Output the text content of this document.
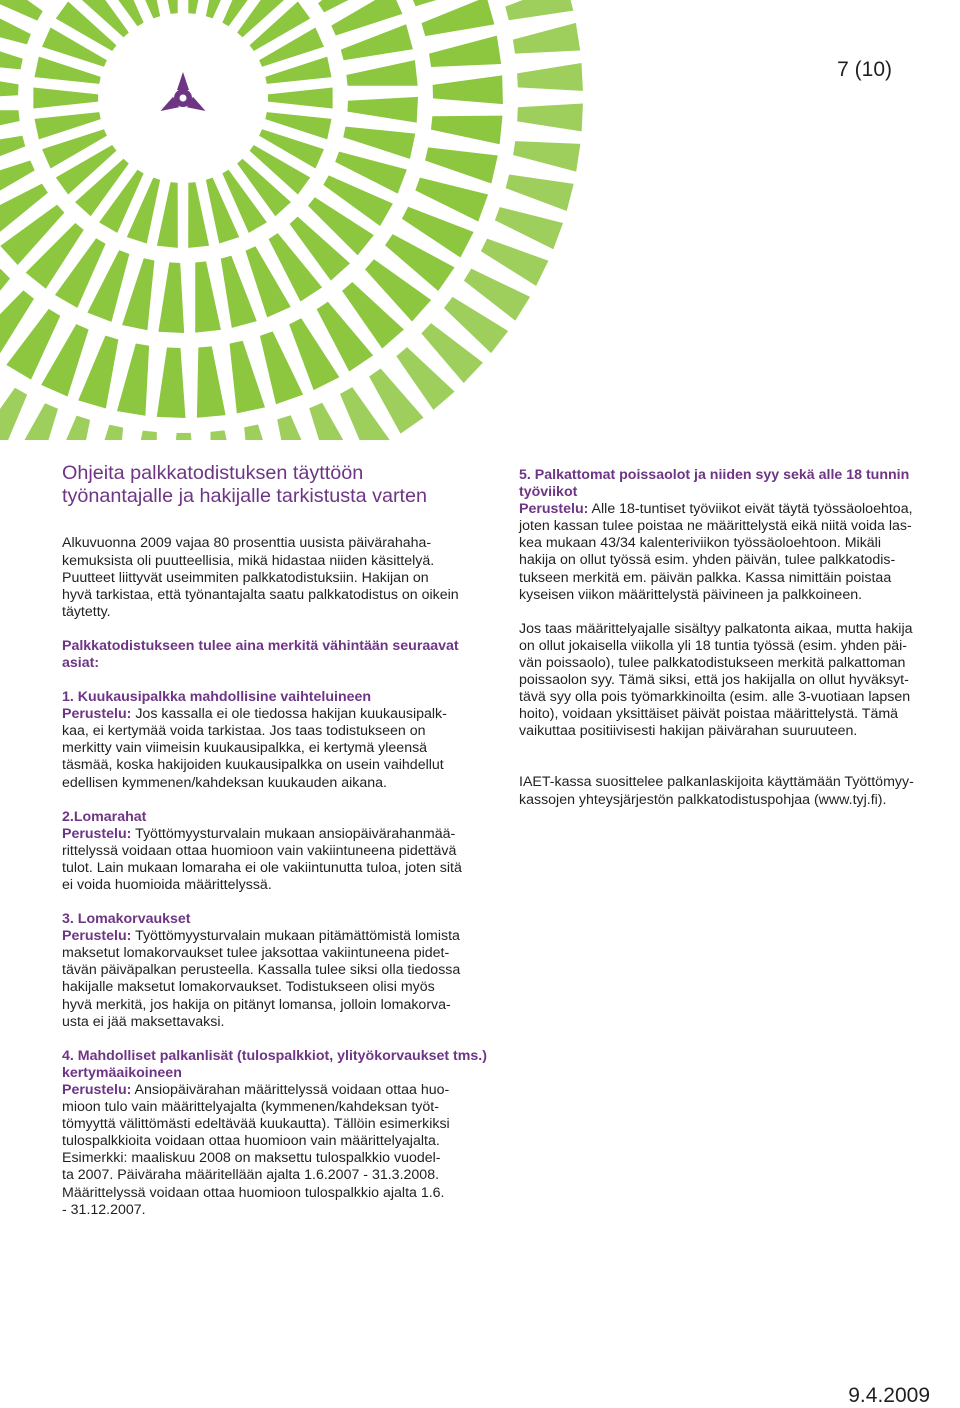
7 (10)
Ohjeita palkkatodistuksen täyttöön
työnantajalle ja hakijalle tarkistusta varten
Alkuvuonna 2009 vajaa 80 prosenttia uusista päivärahaha-
kemuksista oli puutteellisia, mikä hidastaa niiden käsittelyä.
Puutteet liittyvät useimmiten palkkatodistuksiin. Hakijan on
hyvä tarkistaa, että työnantajalta saatu palkkatodistus on oikein
täytetty.
Palkkatodistukseen tulee aina merkitä vähintään seuraavat
asiat:
1. Kuukausipalkka mahdollisine vaihteluineen
Perustelu: Jos kassalla ei ole tiedossa hakijan kuukausipalk-
kaa, ei kertymää voida tarkistaa. Jos taas todistukseen on
merkitty vain viimeisin kuukausipalkka, ei kertymä yleensä
täsmää, koska hakijoiden kuukausipalkka on usein vaihdellut
edellisen kymmenen/kahdeksan kuukauden aikana.
2.Lomarahat
Perustelu: Työttömyysturvalain mukaan ansiopäivärahanmää-
rittelyssä voidaan ottaa huomioon vain vakiintuneena pidettävä
tulot. Lain mukaan lomaraha ei ole vakiintunutta tuloa, joten sitä
ei voida huomioida määrittelyssä.
3. Lomakorvaukset
Perustelu: Työttömyysturvalain mukaan pitämättömistä lomista
maksetut lomakorvaukset tulee jaksottaa vakiintuneena pidet-
tävän päiväpalkan perusteella. Kassalla tulee siksi olla tiedossa
hakijalle maksetut lomakorvaukset. Todistukseen olisi myös
hyvä merkitä, jos hakija on pitänyt lomansa, jolloin lomakorva-
usta ei jää maksettavaksi.
4. Mahdolliset palkanlisät (tulospalkkiot, ylityökorvaukset tms.) kertymäaikoineen
Perustelu: Ansiopäivärahan määrittelyssä voidaan ottaa huo-
mioon tulo vain määrittelyajalta (kymmenen/kahdeksan työt-
tömyyttä välittömästi edeltävää kuukautta). Tällöin esimerkiksi
tulospalkkioita voidaan ottaa huomioon vain määrittelyajalta.
Esimerkki: maaliskuu 2008 on maksettu tulospalkkio vuodel-
ta 2007. Päiväraha määritellään ajalta 1.6.2007 - 31.3.2008.
Määrittelyssä voidaan ottaa huomioon tulospalkkio ajalta 1.6.
- 31.12.2007.
5. Palkattomat poissaolot ja niiden syy sekä alle 18 tunnin työviikot
Perustelu: Alle 18-tuntiset työviikot eivät täytä työssäoloehtoa,
joten kassan tulee poistaa ne määrittelystä eikä niitä voida las-
kea mukaan 43/34 kalenteriviikon työssäoloehtoon. Mikäli
hakija on ollut työssä esim. yhden päivän, tulee palkkatodis-
tukseen merkitä em. päivän palkka. Kassa nimittäin poistaa
kyseisen viikon määrittelystä päivineen ja palkkoineen.
Jos taas määrittelyajalle sisältyy palkatonta aikaa, mutta hakija
on ollut jokaisella viikolla yli 18 tuntia työssä (esim. yhden päi-
vän poissaolo), tulee palkkatodistukseen merkitä palkattoman
poissaolon syy. Tämä siksi, että jos hakijalla on ollut hyväksyt-
tävä syy olla pois työmarkkinoilta (esim. alle 3-vuotiaan lapsen
hoito), voidaan yksittäiset päivät poistaa määrittelystä. Tämä
vaikuttaa positiivisesti hakijan päivärahan suuruuteen.
IAET-kassa suosittelee palkanlaskijoita käyttämään Työttömyy-
kassojen yhteysjärjestön palkkatodistuspohjaa (www.tyj.fi).
9.4.2009
